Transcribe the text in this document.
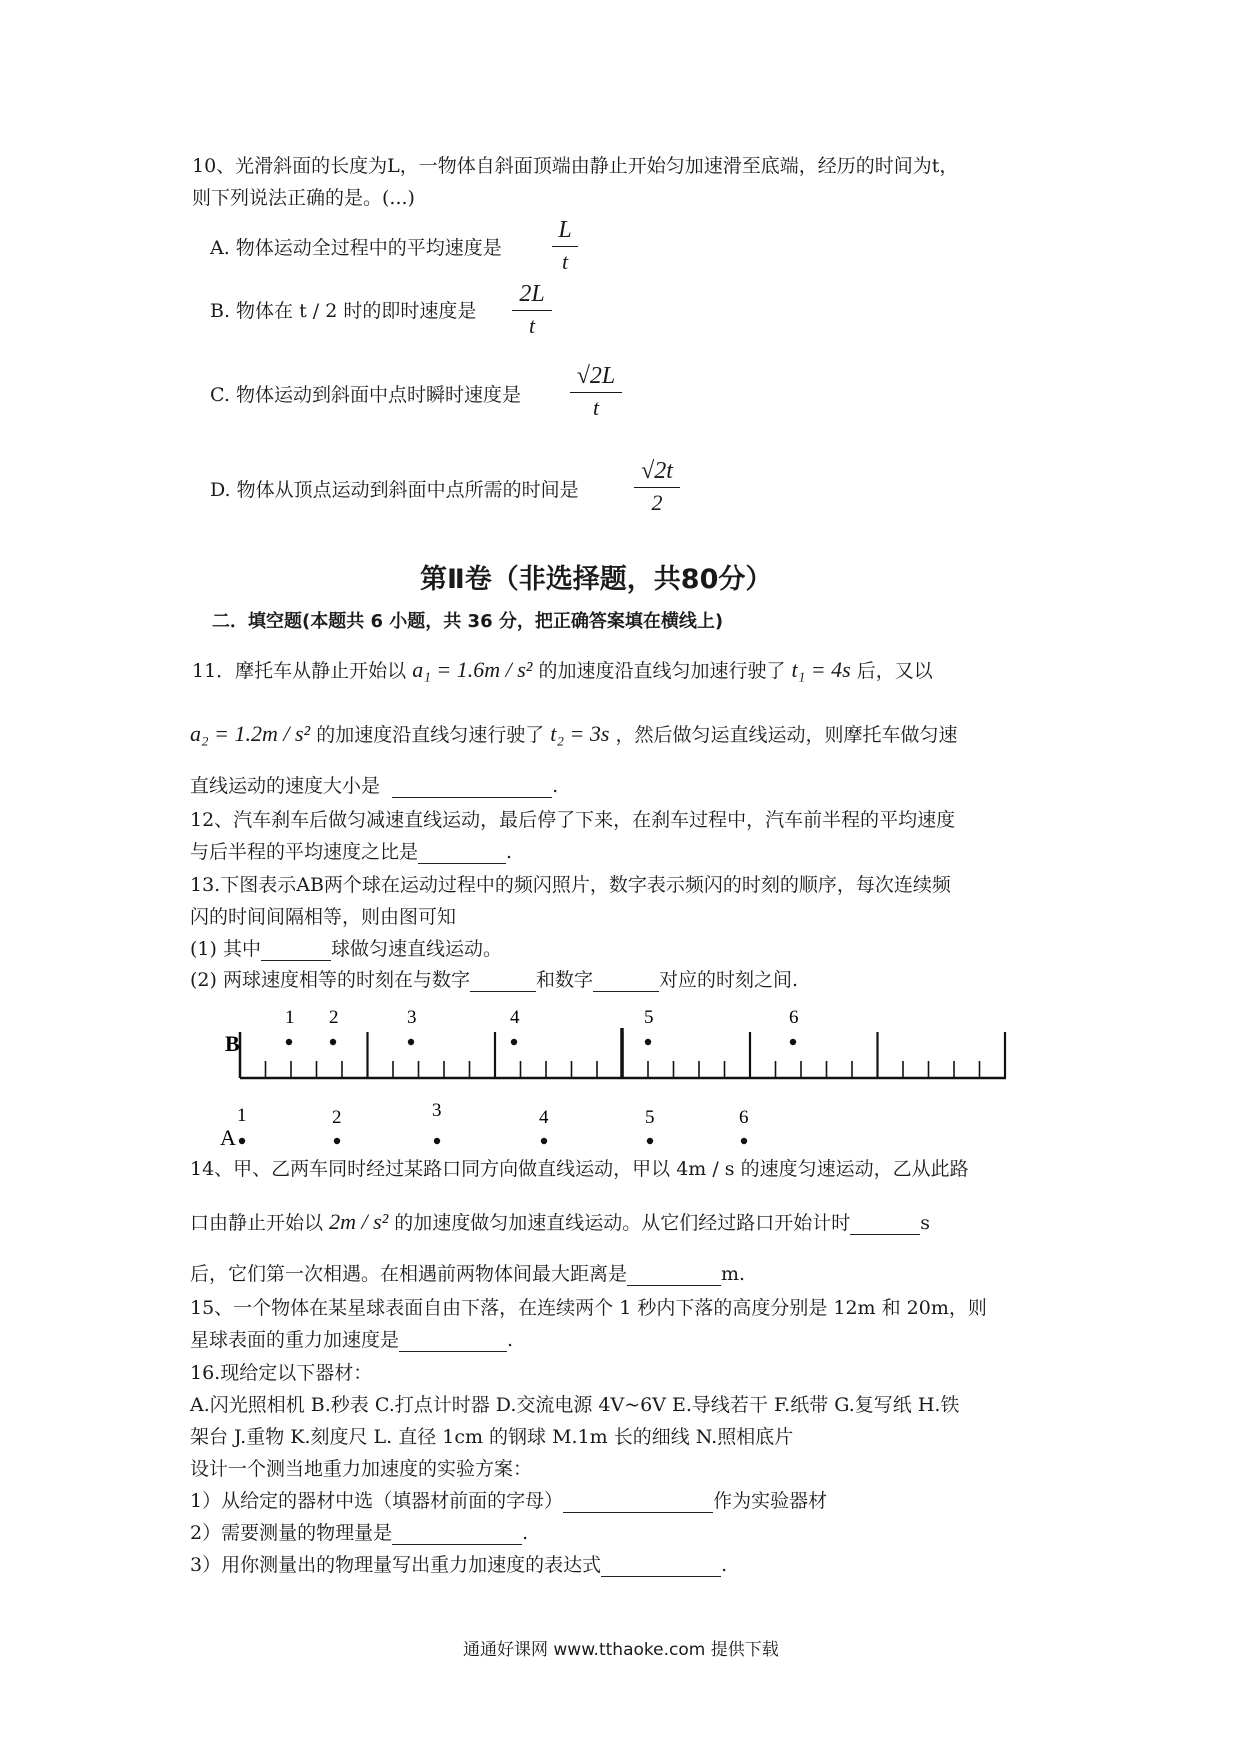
10、光滑斜面的长度为L，一物体自斜面顶端由静止开始匀加速滑至底端，经历的时间为t，
则下列说法正确的是。(...)
A. 物体运动全过程中的平均速度是
L
t
B. 物体在 t / 2 时的即时速度是
2L
t
C. 物体运动到斜面中点时瞬时速度是
√2L
t
D. 物体从顶点运动到斜面中点所需的时间是
√2t
2
第Ⅱ卷（非选择题，共80分）
二．填空题(本题共 6 小题，共 36 分，把正确答案填在横线上)
11．摩托车从静止开始以 a₁ = 1.6m / s² 的加速度沿直线匀加速行驶了 t₁ = 4s 后，又以
a₂ = 1.2m / s² 的加速度沿直线匀速行驶了 t₂ = 3s ，然后做匀运直线运动，则摩托车做匀速
直线运动的速度大小是	.
12、汽车刹车后做匀减速直线运动，最后停了下来，在刹车过程中，汽车前半程的平均速度
与后半程的平均速度之比是	.
13.下图表示AB两个球在运动过程中的频闪照片，数字表示频闪的时刻的顺序，每次连续频
闪的时间间隔相等，则由图可知
(1) 其中	球做匀速直线运动。
(2) 两球速度相等的时刻在与数字	和数字	对应的时刻之间.
1 2	3	4	5	6
1	2	3	4	5	6
B
A
14、甲、乙两车同时经过某路口同方向做直线运动，甲以 4m / s 的速度匀速运动，乙从此路
口由静止开始以 2m / s² 的加速度做匀加速直线运动。从它们经过路口开始计时	s
后，它们第一次相遇。在相遇前两物体间最大距离是	m.
15、一个物体在某星球表面自由下落，在连续两个 1 秒内下落的高度分别是 12m 和 20m，则
星球表面的重力加速度是	.
16.现给定以下器材：
A.闪光照相机 B.秒表 C.打点计时器 D.交流电源 4V~6V E.导线若干 F.纸带 G.复写纸 H.铁
架台 J.重物 K.刻度尺 L. 直径 1cm 的钢球 M.1m 长的细线 N.照相底片
设计一个测当地重力加速度的实验方案：
1）从给定的器材中选（填器材前面的字母）	作为实验器材
2）需要测量的物理量是	.
3）用你测量出的物理量写出重力加速度的表达式	.
通通好课网 www.tthaoke.com 提供下载
